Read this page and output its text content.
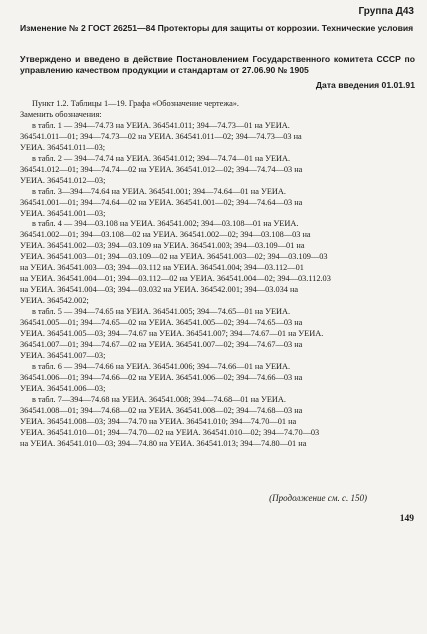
Группа Д43
Изменение № 2 ГОСТ 26251—84 Протекторы для защиты от коррозии. Технические условия
Утверждено и введено в действие Постановлением Государственного комитета СССР по управлению качеством продукции и стандартам от 27.06.90 № 1905
Дата введения 01.01.91
Пункт 1.2. Таблицы 1—19. Графа «Обозначение чертежа».
Заменить обозначения:
в табл. 1 — 394—74.73 на УЕИА. 364541.011; 394—74.73—01 на УЕИА.
364541.011—01; 394—74.73—02 на УЕИА. 364541.011—02; 394—74.73—03 на
УЕИА. 364541.011—03;
в табл. 2 — 394—74.74 на УЕИА. 364541.012; 394—74.74—01 на УЕИА.
364541.012—01; 394—74.74—02 на УЕИА. 364541.012—02; 394—74.74—03 на
УЕИА. 364541.012—03;
в табл. 3—394—74.64 на УЕИА. 364541.001; 394—74.64—01 на УЕИА.
364541.001—01; 394—74.64—02 на УЕИА. 364541.001—02; 394—74.64—03 на
УЕИА. 364541.001—03;
в табл. 4 — 394—03.108 на УЕИА. 364541.002; 394—03.108—01 на УЕИА.
364541.002—01; 394—03.108—02 на УЕИА. 364541.002—02; 394—03.108—03 на
УЕИА. 364541.002—03; 394—03.109 на УЕИА. 364541.003; 394—03.109—01 на
УЕИА. 364541.003—01; 394—03.109—02 на УЕИА. 364541.003—02; 394—03.109—03
на УЕИА. 364541.003—03; 394—03.112 на УЕИА. 364541.004; 394—03.112—01
на УЕИА. 364541.004—01; 394—03.112—02 на УЕИА. 364541.004—02; 394—03.112.03
на УЕИА. 364541.004—03; 394—03.032 на УЕИА. 364542.001; 394—03.034 на
УЕИА. 364542.002;
в табл. 5 — 394—74.65 на УЕИА. 364541.005; 394—74.65—01 на УЕИА.
364541.005—01; 394—74.65—02 на УЕИА. 364541.005—02; 394—74.65—03 на
УЕИА. 364541.005—03; 394—74.67 на УЕИА. 364541.007; 394—74.67—01 на УЕИА.
364541.007—01; 394—74.67—02 на УЕИА. 364541.007—02; 394—74.67—03 на
УЕИА. 364541.007—03;
в табл. 6 — 394—74.66 на УЕИА. 364541.006; 394—74.66—01 на УЕИА.
364541.006—01; 394—74.66—02 на УЕИА. 364541.006—02; 394—74.66—03 на
УЕИА. 364541.006—03;
в табл. 7—394—74.68 на УЕИА. 364541.008; 394—74.68—01 на УЕИА.
364541.008—01; 394—74.68—02 на УЕИА. 364541.008—02; 394—74.68—03 на
УЕИА. 364541.008—03; 394—74.70 на УЕИА. 364541.010; 394—74.70—01 на
УЕИА. 364541.010—01; 394—74.70—02 на УЕИА. 364541.010—02; 394—74.70—03
на УЕИА. 364541.010—03; 394—74.80 на УЕИА. 364541.013; 394—74.80—01 на
(Продолжение см. с. 150)
149
